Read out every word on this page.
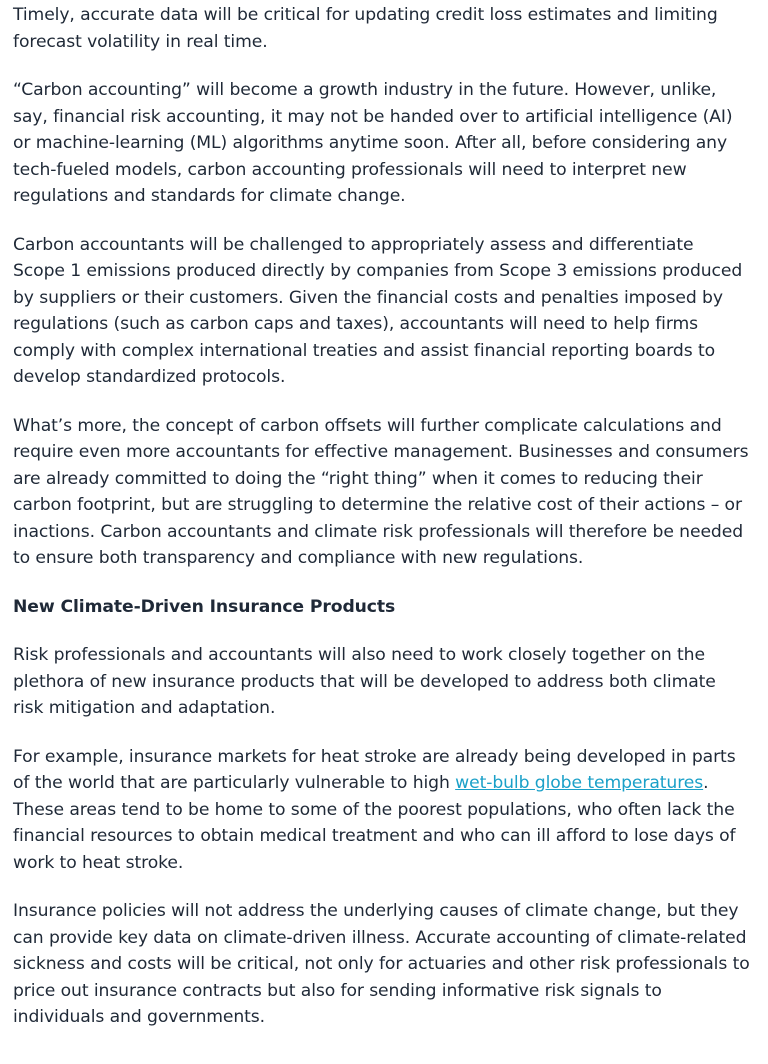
Timely, accurate data will be critical for updating credit loss estimates and limiting forecast volatility in real time.

“Carbon accounting” will become a growth industry in the future. However, unlike, say, financial risk accounting, it may not be handed over to artificial intelligence (AI) or machine-learning (ML) algorithms anytime soon. After all, before considering any tech-fueled models, carbon accounting professionals will need to interpret new regulations and standards for climate change.

Carbon accountants will be challenged to appropriately assess and differentiate Scope 1 emissions produced directly by companies from Scope 3 emissions produced by suppliers or their customers. Given the financial costs and penalties imposed by regulations (such as carbon caps and taxes), accountants will need to help firms comply with complex international treaties and assist financial reporting boards to develop standardized protocols.

What’s more, the concept of carbon offsets will further complicate calculations and require even more accountants for effective management. Businesses and consumers are already committed to doing the “right thing” when it comes to reducing their carbon footprint, but are struggling to determine the relative cost of their actions – or inactions. Carbon accountants and climate risk professionals will therefore be needed to ensure both transparency and compliance with new regulations.

New Climate-Driven Insurance Products

Risk professionals and accountants will also need to work closely together on the plethora of new insurance products that will be developed to address both climate risk mitigation and adaptation.

For example, insurance markets for heat stroke are already being developed in parts of the world that are particularly vulnerable to high wet-bulb globe temperatures. These areas tend to be home to some of the poorest populations, who often lack the financial resources to obtain medical treatment and who can ill afford to lose days of work to heat stroke.

Insurance policies will not address the underlying causes of climate change, but they can provide key data on climate-driven illness. Accurate accounting of climate-related sickness and costs will be critical, not only for actuaries and other risk professionals to price out insurance contracts but also for sending informative risk signals to individuals and governments.
